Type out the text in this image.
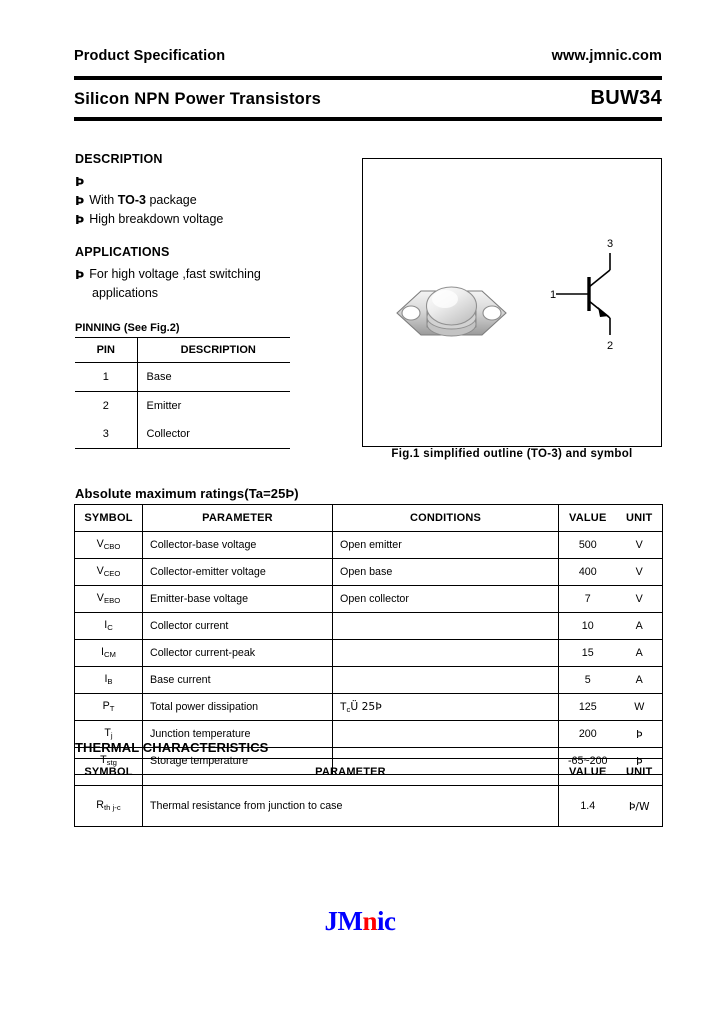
Product Specification	www.jmnic.com
Silicon NPN Power Transistors	BUW34
DESCRIPTION
Þ
Þ With TO-3 package
Þ High breakdown voltage
APPLICATIONS
Þ For high voltage ,fast switching
applications
PINNING (See Fig.2)
PIN	DESCRIPTION
1	Base
2	Emitter
3	Collector
3
2
1
Fig.1 simplified outline (TO-3) and symbol
Absolute maximum ratings(Ta=25Þ)
SYMBOL	PARAMETER	CONDITIONS	VALUE	UNIT
$V_{CBO}$	Collector-base voltage	Open emitter	500	V
$V_{CEO}$	Collector-emitter voltage	Open base	400	V
$V_{EBO}$	Emitter-base voltage	Open collector	7	V
$I_C$	Collector current		10	A
$I_{CM}$	Collector current-peak		15	A
$I_B$	Base current		5	A
$P_T$	Total power dissipation	$T_cÜ$ 25Þ	125	W
$T_j$	Junction temperature		200	Þ
$T_{stg}$	Storage temperature		-65~200	Þ
THERMAL CHARACTERISTICS
SYMBOL	PARAMETER	VALUE	UNIT
$R_{th j-c}$	Thermal resistance from junction to case	1.4	Þ/W
JMnic
